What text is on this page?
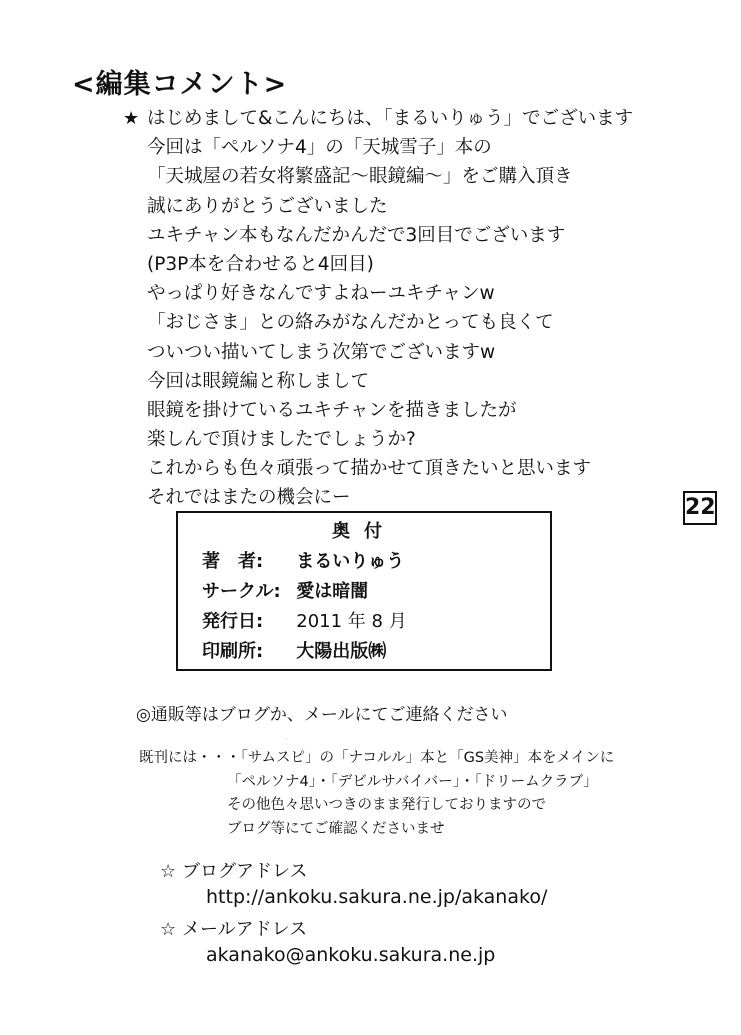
<編集コメント>
★ はじめまして&こんにちは、「まるいりゅう」でございます
今回は「ペルソナ4」の「天城雪子」本の
「天城屋の若女将繁盛記〜眼鏡編〜」をご購入頂き
誠にありがとうございました
ユキチャン本もなんだかんだで3回目でございます
(P3P本を合わせると4回目)
やっぱり好きなんですよねーユキチャンw
「おじさま」との絡みがなんだかとっても良くて
ついつい描いてしまう次第でございますw
今回は眼鏡編と称しまして
眼鏡を掛けているユキチャンを描きましたが
楽しんで頂けましたでしょうか?
これからも色々頑張って描かせて頂きたいと思います
それではまたの機会にー	22
奥付
著　者: まるいりゅう
サークル: 愛は暗闇
発行日: 2011 年 8 月
印刷所: 大陽出版㈱
◎通販等はブログか、メールにてご連絡ください
·
既刊には・・・「サムスピ」の「ナコルル」本と「GS美神」本をメインに
「ペルソナ4」・「デビルサバイバー」・「ドリームクラブ」
その他色々思いつきのまま発行しておりますので
ブログ等にてご確認くださいませ
☆ ブログアドレス
http://ankoku.sakura.ne.jp/akanako/
☆ メールアドレス
akanako@ankoku.sakura.ne.jp
